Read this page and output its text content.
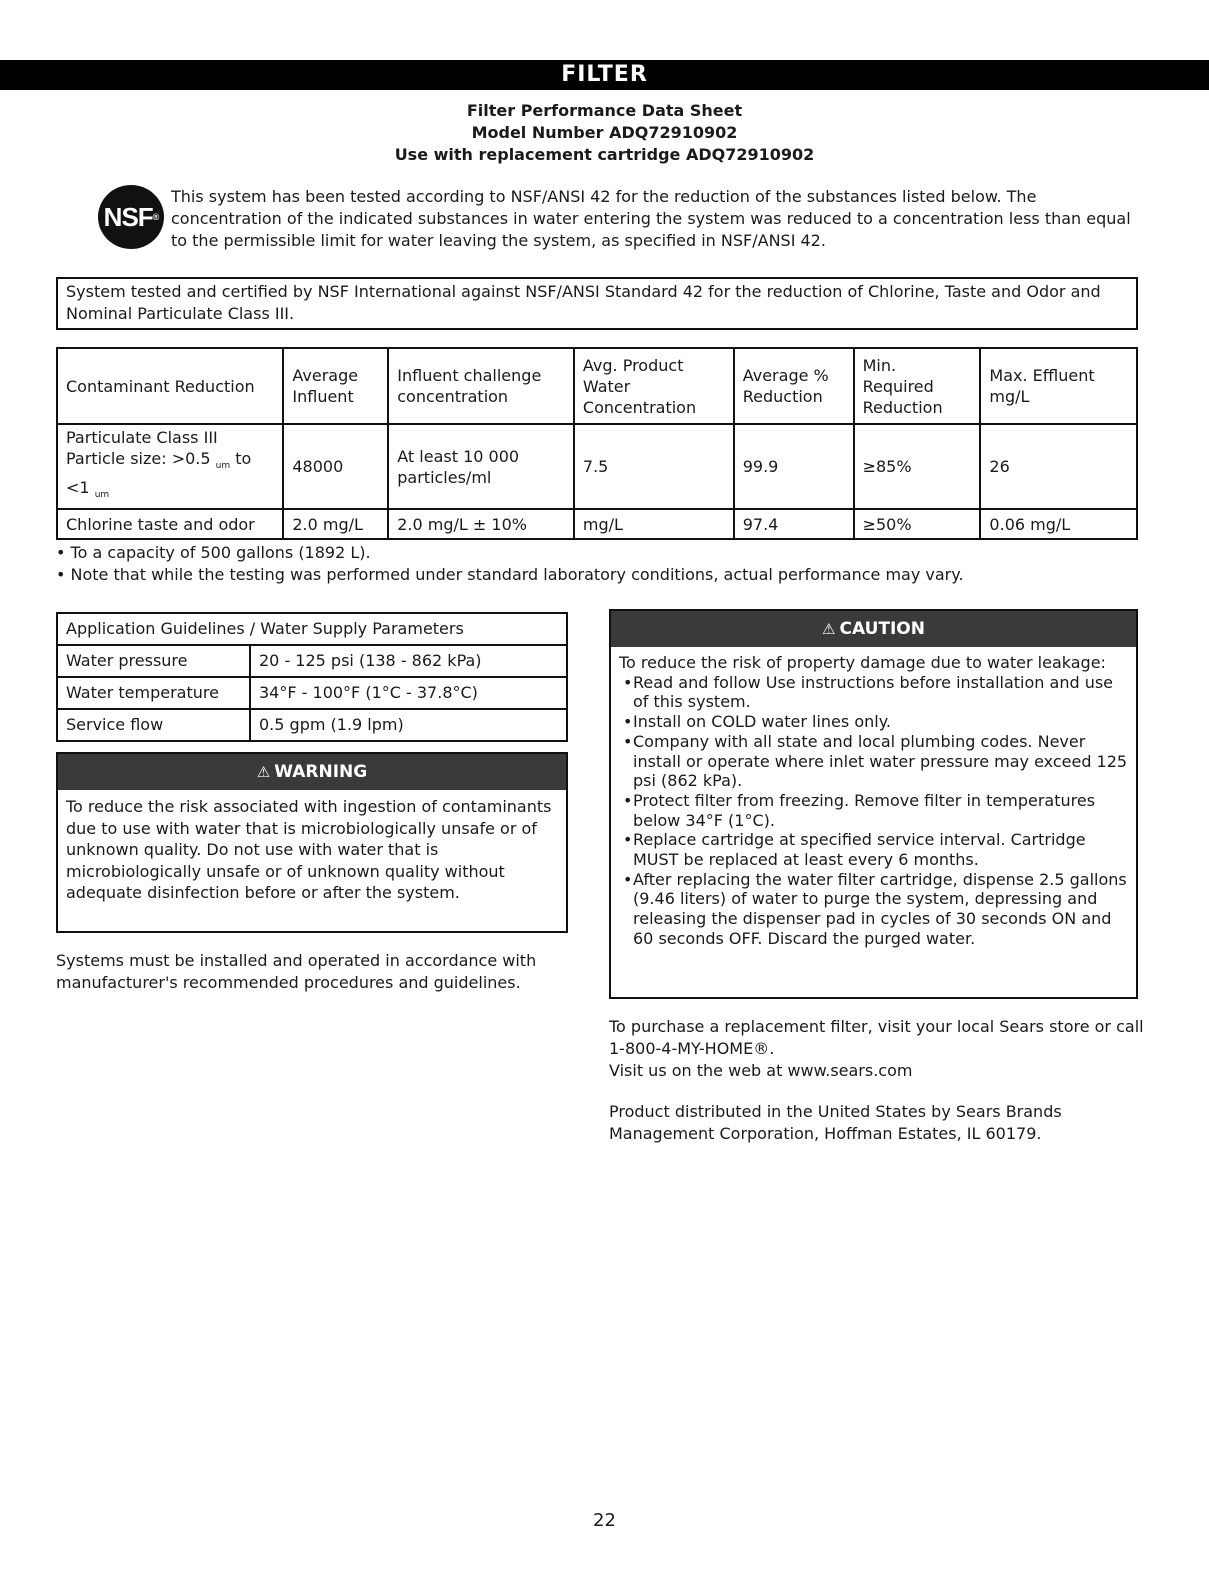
FILTER
Filter Performance Data Sheet
Model Number ADQ72910902
Use with replacement cartridge ADQ72910902
NSF®
This system has been tested according to NSF/ANSI 42 for the reduction of the substances listed below. The concentration of the indicated substances in water entering the system was reduced to a concentration less than equal to the permissible limit for water leaving the system, as specified in NSF/ANSI 42.
System tested and certified by NSF International against NSF/ANSI Standard 42 for the reduction of Chlorine, Taste and Odor and Nominal Particulate Class III.
Contaminant Reduction	Average Influent	Influent challenge concentration	Avg. Product Water Concentration	Average % Reduction	Min. Required Reduction	Max. Effluent mg/L

Particulate Class III
Particle size: >0.5 $_{um}$ to
<1 $_{um}$	48000	At least 10 000 particles/ml	7.5	99.9	≥85%	26
Chlorine taste and odor	2.0 mg/L	2.0 mg/L ± 10%	mg/L	97.4	≥50%	0.06 mg/L
• To a capacity of 500 gallons (1892 L).
• Note that while the testing was performed under standard laboratory conditions, actual performance may vary.
Application Guidelines / Water Supply Parameters	
Water pressure	20 - 125 psi (138 - 862 kPa)
Water temperature	34°F - 100°F (1°C - 37.8°C)
Service flow	0.5 gpm (1.9 lpm)
⚠ WARNING
To reduce the risk associated with ingestion of contaminants due to use with water that is microbiologically unsafe or of unknown quality. Do not use with water that is microbiologically unsafe or of unknown quality without adequate disinfection before or after the system.
Systems must be installed and operated in accordance with manufacturer's recommended procedures and guidelines.
⚠ CAUTION
To reduce the risk of property damage due to water leakage:
• Read and follow Use instructions before installation and use of this system.
• Install on COLD water lines only.
• Company with all state and local plumbing codes. Never install or operate where inlet water pressure may exceed 125 psi (862 kPa).
• Protect filter from freezing. Remove filter in temperatures below 34°F (1°C).
• Replace cartridge at specified service interval. Cartridge MUST be replaced at least every 6 months.
• After replacing the water filter cartridge, dispense 2.5 gallons (9.46 liters) of water to purge the system, depressing and releasing the dispenser pad in cycles of 30 seconds ON and 60 seconds OFF. Discard the purged water.
To purchase a replacement filter, visit your local Sears store or call 1-800-4-MY-HOME®.
Visit us on the web at www.sears.com
Product distributed in the United States by Sears Brands Management Corporation, Hoffman Estates, IL 60179.
22
